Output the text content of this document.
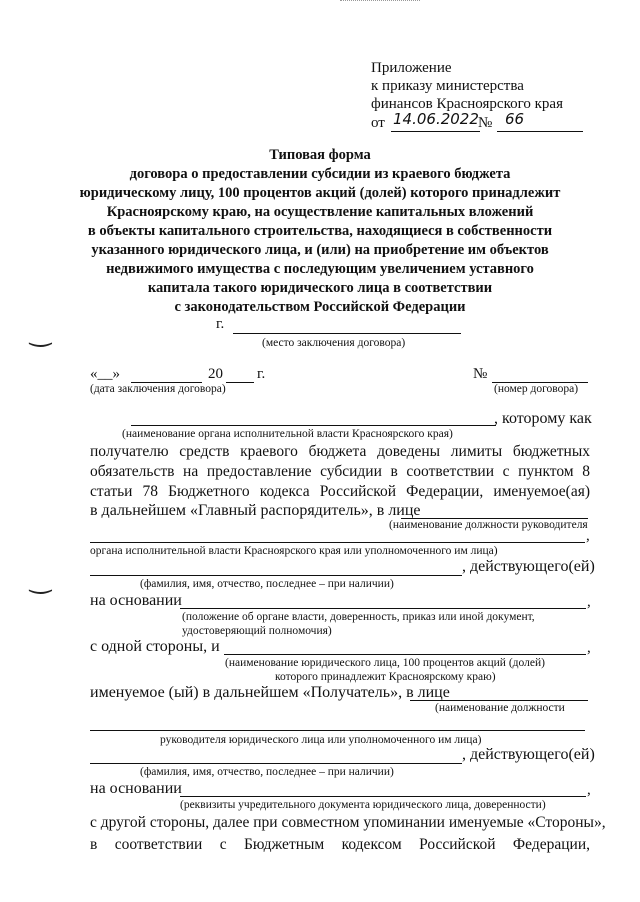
Приложение
к приказу министерства
финансов Красноярского края
от 14.06.2022 № 66
Типовая форма
договора о предоставлении субсидии из краевого бюджета
юридическому лицу, 100 процентов акций (долей) которого принадлежит
Красноярскому краю, на осуществление капитальных вложений
в объекты капитального строительства, находящиеся в собственности
указанного юридического лица, и (или) на приобретение им объектов
недвижимого имущества с последующим увеличением уставного
капитала такого юридического лица в соответствии
с законодательством Российской Федерации
‿
‿
г.
(место заключения договора)
«__»	20 г.	№
(дата заключения договора)	(номер договора)
, которому как
(наименование органа исполнительной власти Красноярского края)
получателю средств краевого бюджета доведены лимиты бюджетных
обязательств на предоставление субсидии в соответствии с пунктом 8
статьи 78 Бюджетного кодекса Российской Федерации, именуемое(ая)
в дальнейшем «Главный распорядитель», в лице
(наименование должности руководителя
,
органа исполнительной власти Красноярского края или уполномоченного им лица)
, действующего(ей)
(фамилия, имя, отчество, последнее – при наличии)
на основании	,
(положение об органе власти, доверенность, приказ или иной документ,
удостоверяющий полномочия)
с одной стороны, и	,
(наименование юридического лица, 100 процентов акций (долей)
которого принадлежит Красноярскому краю)
именуемое (ый) в дальнейшем «Получатель», в лице
(наименование должности
руководителя юридического лица или уполномоченного им лица)
, действующего(ей)
(фамилия, имя, отчество, последнее – при наличии)
на основании	,
(реквизиты учредительного документа юридического лица, доверенности)
с другой стороны, далее при совместном упоминании именуемые «Стороны»,
в соответствии с Бюджетным кодексом Российской Федерации,
